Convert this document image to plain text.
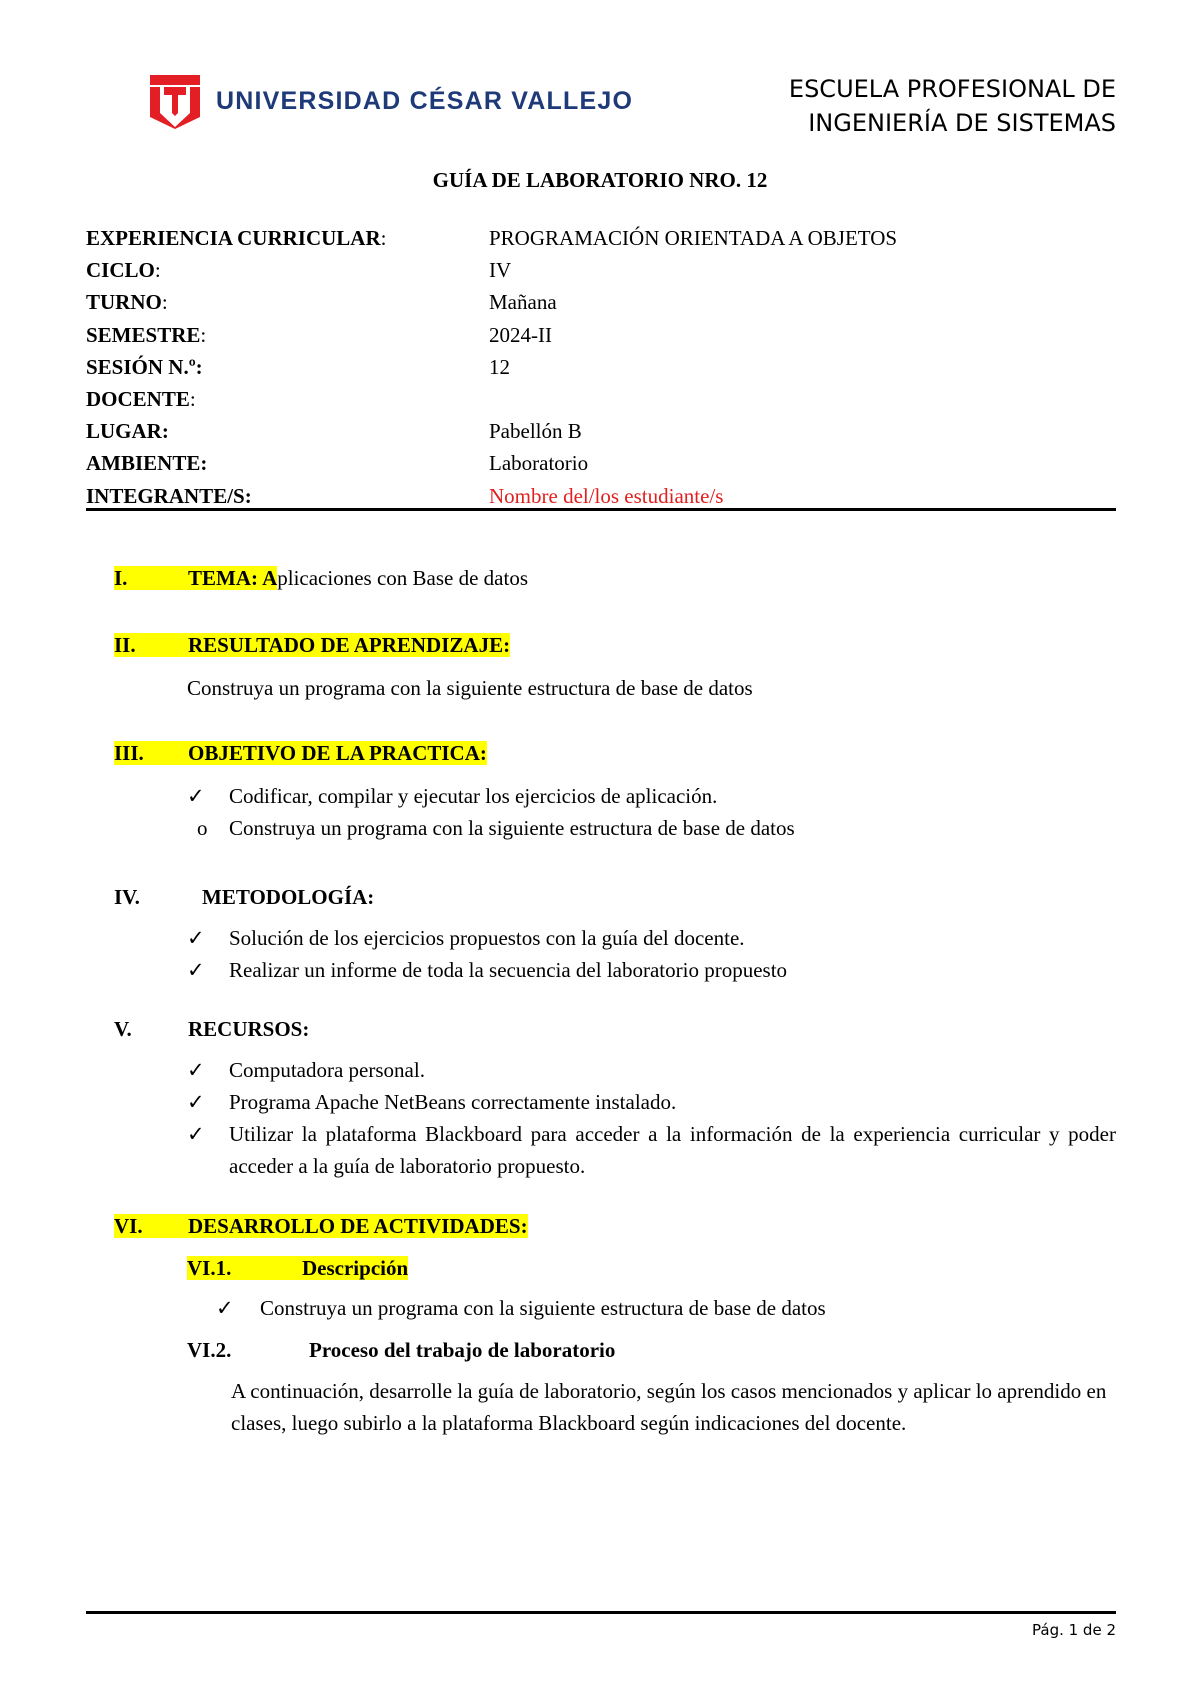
UNIVERSIDAD CÉSAR VALLEJO	ESCUELA PROFESIONAL DE
INGENIERÍA DE SISTEMAS
GUÍA DE LABORATORIO NRO. 12
EXPERIENCIA CURRICULAR:	PROGRAMACIÓN ORIENTADA A OBJETOS
CICLO:	IV
TURNO:	Mañana
SEMESTRE:	2024-II
SESIÓN N.º:	12
DOCENTE:
LUGAR:	Pabellón B
AMBIENTE:	Laboratorio
INTEGRANTE/S:	Nombre del/los estudiante/s
I.	TEMA: Aplicaciones con Base de datos
II. RESULTADO DE APRENDIZAJE:
Construya un programa con la siguiente estructura de base de datos
III. OBJETIVO DE LA PRACTICA:
✓	Codificar, compilar y ejecutar los ejercicios de aplicación.
o	Construya un programa con la siguiente estructura de base de datos
IV.	METODOLOGÍA:
✓	Solución de los ejercicios propuestos con la guía del docente.
✓	Realizar un informe de toda la secuencia del laboratorio propuesto
V.	RECURSOS:
✓	Computadora personal.
✓	Programa Apache NetBeans correctamente instalado.
✓	Utilizar la plataforma Blackboard para acceder a la información de la experiencia curricular y poder acceder a la guía de laboratorio propuesto.
VI. DESARROLLO DE ACTIVIDADES:
VI.1.	Descripción
✓	Construya un programa con la siguiente estructura de base de datos
VI.2.	Proceso del trabajo de laboratorio
A continuación, desarrolle la guía de laboratorio, según los casos mencionados y aplicar lo aprendido en clases, luego subirlo a la plataforma Blackboard según indicaciones del docente.
Pág. 1 de 2
